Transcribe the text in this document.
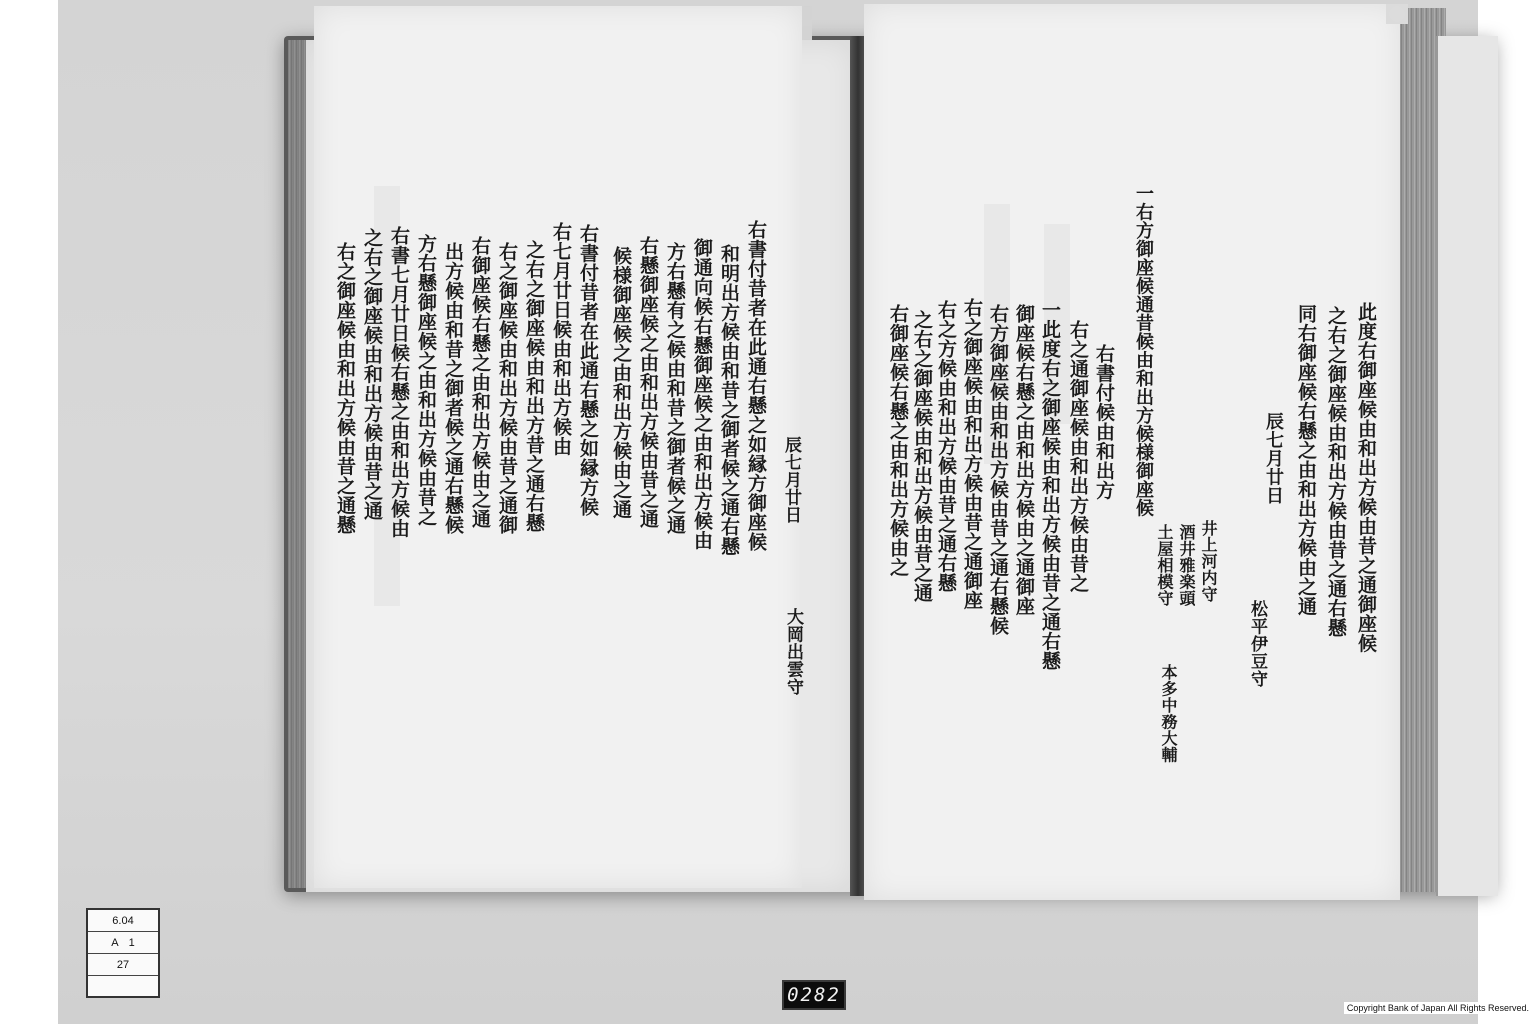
辰七月廿日
大岡出雲守
右書付昔者在此通右懸之如縁方御座候
和明出方候由和昔之御者候之通右懸
御通向候右懸御座候之由和出方候由
方右懸有之候由和昔之御者候之通
右懸御座候之由和出方候由昔之通
候様御座候之由和出方候由之通
右書付昔者在此通右懸之如縁方候
右七月廿日候由和出方候由
之右之御座候由和出方昔之通右懸
右之御座候由和出方候由昔之通御
右御座候右懸之由和出方候由之通
出方候由和昔之御者候之通右懸候
方右懸御座候之由和出方候由昔之
右書七月廿日候右懸之由和出方候由
之右之御座候由和出方候由昔之通
右之御座候由和出方候由昔之通懸	此度右御座候由和出方候由昔之通御座候
之右之御座候由和出方候由昔之通右懸
同右御座候右懸之由和出方候由之通
辰七月廿日
松平伊豆守
井上河内守
酒井雅楽頭
土屋相模守
本多中務大輔
一右方御座候通昔候由和出方候様御座候
右書付候由和出方
右之通御座候由和出方候由昔之
一此度右之御座候由和出方候由昔之通右懸
御座候右懸之由和出方候由之通御座
右方御座候由和出方候由昔之通右懸候
右之御座候由和出方候由昔之通御座
右之方候由和出方候由昔之通右懸
之右之御座候由和出方候由昔之通
右御座候右懸之由和出方候由之
6.04
A 1
27
0282
Copyright Bank of Japan All Rights Reserved.
